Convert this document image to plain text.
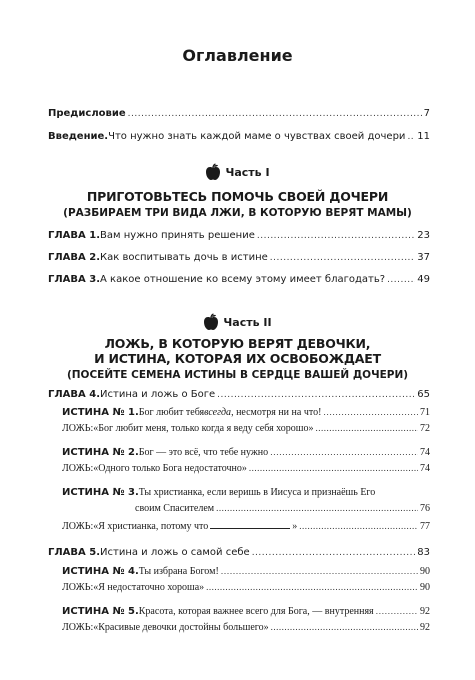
Оглавление
Предисловие .....	7
Введение. Что нужно знать каждой маме о чувствах своей дочери ..... 11
Часть I
ПРИГОТОВЬТЕСЬ ПОМОЧЬ СВОЕЙ ДОЧЕРИ
(РАЗБИРАЕМ ТРИ ВИДА ЛЖИ, В КОТОРУЮ ВЕРЯТ МАМЫ)
ГЛАВА 1. Вам нужно принять решение .....	23
ГЛАВА 2. Как воспитывать дочь в истине .....	37
ГЛАВА 3. А какое отношение ко всему этому имеет благодать? .....	49
Часть II
ЛОЖЬ, В КОТОРУЮ ВЕРЯТ ДЕВОЧКИ,
И ИСТИНА, КОТОРАЯ ИХ ОСВОБОЖДАЕТ
(ПОСЕЙТЕ СЕМЕНА ИСТИНЫ В СЕРДЦЕ ВАШЕЙ ДОЧЕРИ)
ГЛАВА 4. Истина и ложь о Боге .....	65
ИСТИНА № 1. Бог любит тебя всегда , несмотря ни на что! .....	71
ЛОЖЬ: «Бог любит меня, только когда я веду себя хорошо» .....	72
ИСТИНА № 2. Бог — это всё, что тебе нужно .....	74
ЛОЖЬ: «Одного только Бога недостаточно» .....	74
ИСТИНА № 3. Ты христианка, если веришь в Иисуса и признаёшь Его
своим Спасителем .....	76
ЛОЖЬ: «Я христианка, потому что	» .....	77
ГЛАВА 5. Истина и ложь о самой себе .....	83
ИСТИНА № 4. Ты избрана Богом! .....	90
ЛОЖЬ: «Я недостаточно хороша» .....	90
ИСТИНА № 5. Красота, которая важнее всего для Бога, — внутренняя .....	92
ЛОЖЬ: «Красивые девочки достойны большего» .....	92
